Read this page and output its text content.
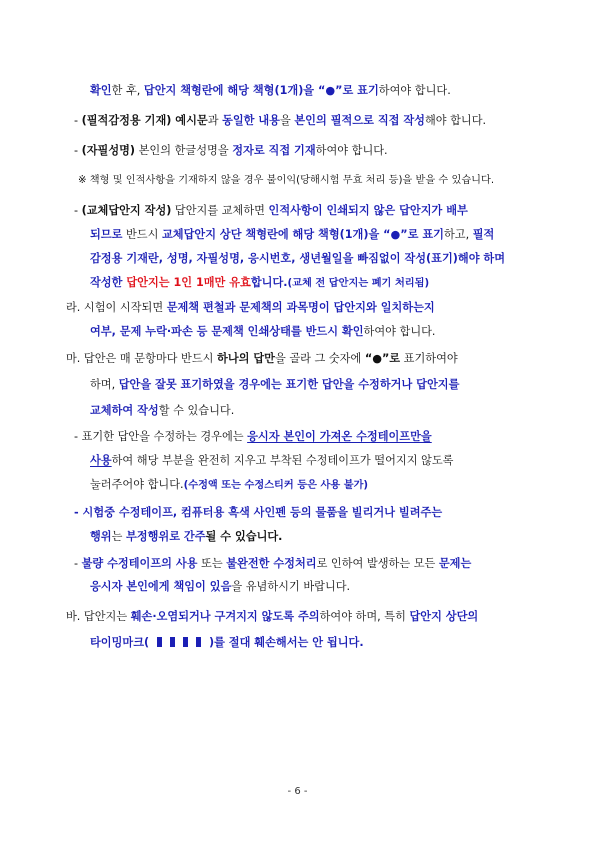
확인한 후, 답안지 책형란에 해당 책형(1개)을 “●”로 표기하여야 합니다.
- (필적감정용 기재) 예시문과 동일한 내용을 본인의 필적으로 직접 작성해야 합니다.
- (자필성명) 본인의 한글성명을 정자로 직접 기재하여야 합니다.
※ 책형 및 인적사항을 기재하지 않을 경우 불이익(당해시험 무효 처리 등)을 받을 수 있습니다.
- (교체답안지 작성) 답안지를 교체하면 인적사항이 인쇄되지 않은 답안지가 배부
되므로 반드시 교체답안지 상단 책형란에 해당 책형(1개)을 “●”로 표기하고, 필적
감정용 기재란, 성명, 자필성명, 응시번호, 생년월일을 빠짐없이 작성(표기)해야 하며
작성한 답안지는 1인 1매만 유효합니다.(교체 전 답안지는 폐기 처리됨)
라. 시험이 시작되면 문제책 편철과 문제책의 과목명이 답안지와 일치하는지
여부, 문제 누락·파손 등 문제책 인쇄상태를 반드시 확인하여야 합니다.
마. 답안은 매 문항마다 반드시 하나의 답만을 골라 그 숫자에 “●”로 표기하여야
하며, 답안을 잘못 표기하였을 경우에는 표기한 답안을 수정하거나 답안지를
교체하여 작성할 수 있습니다.
- 표기한 답안을 수정하는 경우에는 응시자 본인이 가져온 수정테이프만을
사용하여 해당 부분을 완전히 지우고 부착된 수정테이프가 떨어지지 않도록
눌러주어야 합니다.(수정액 또는 수정스티커 등은 사용 불가)
- 시험중 수정테이프, 컴퓨터용 흑색 사인펜 등의 물품을 빌리거나 빌려주는
행위는 부정행위로 간주될 수 있습니다.
- 불량 수정테이프의 사용 또는 불완전한 수정처리로 인하여 발생하는 모든 문제는
응시자 본인에게 책임이 있음을 유념하시기 바랍니다.
바. 답안지는 훼손·오염되거나 구겨지지 않도록 주의하여야 하며, 특히 답안지 상단의
타이밍마크(	)를 절대 훼손해서는 안 됩니다.
- 6 -
